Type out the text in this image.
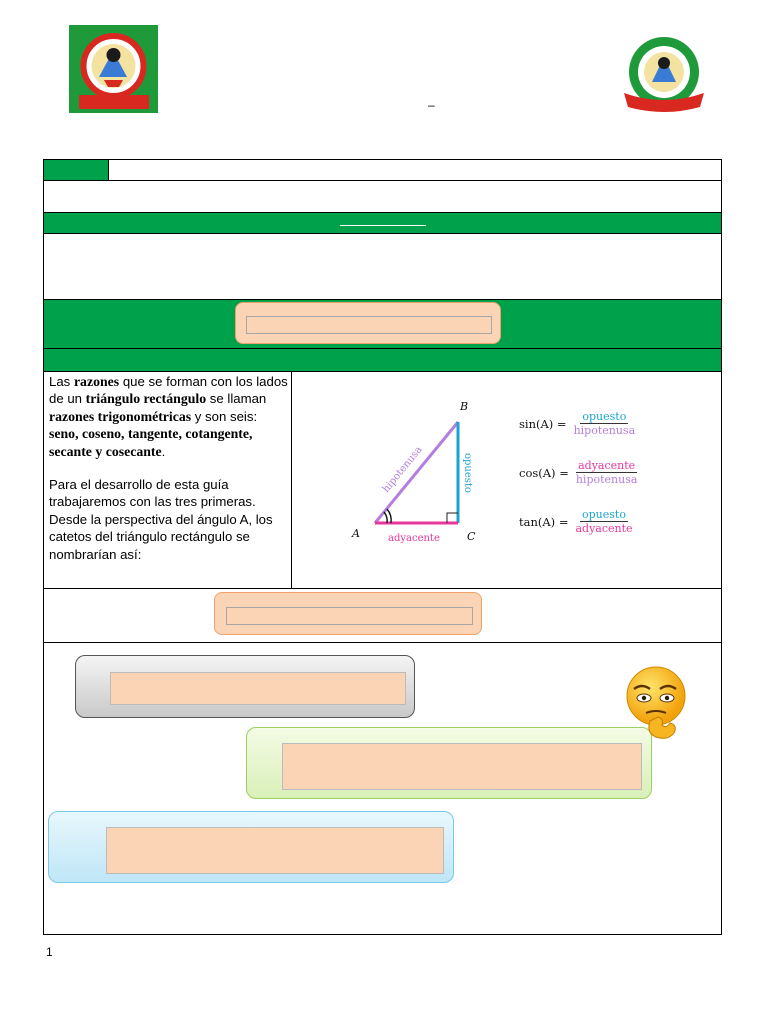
–

Las razones que se forman con los lados de un triángulo rectángulo se llaman razones trigonométricas y son seis: seno, coseno, tangente, cotangente, secante y cosecante.

Para el desarrollo de esta guía trabajaremos con las tres primeras. Desde la perspectiva del ángulo A, los catetos del triángulo rectángulo se nombrarían así:

A
B
C
hipotenusa	opuesto
adyacente
$\sin(A) = \frac{\text{opuesto}}{\text{hipotenusa}}$
$\cos(A) = \frac{\text{adyacente}}{\text{hipotenusa}}$
$\tan(A) = \frac{\text{opuesto}}{\text{adyacente}}$
1
